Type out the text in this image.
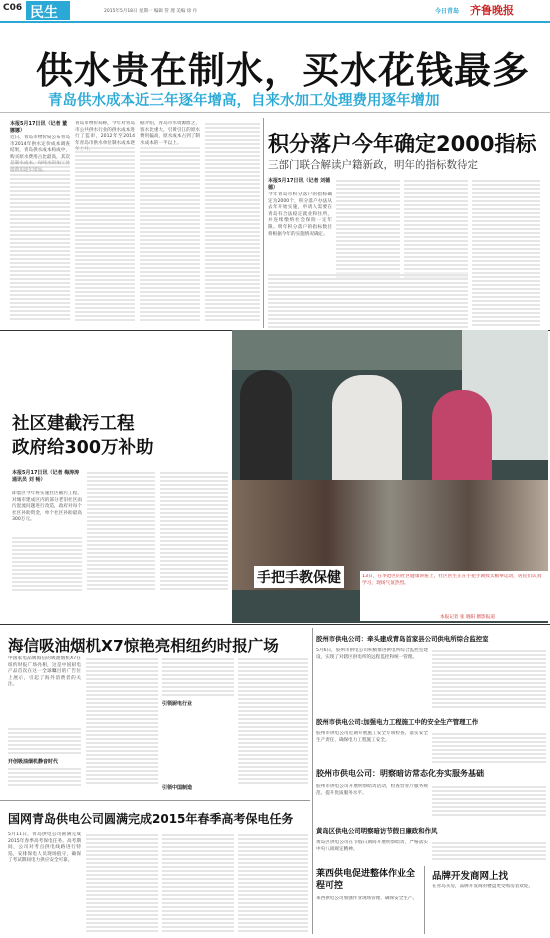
C06 民生	2015年5月18日 星期一 编辑 管 理 美编 徐 丹	今日青岛 齐鲁晚报
供水贵在制水，买水花钱最多
青岛供水成本近三年逐年增高，自来水加工处理费用逐年增加
本报5月17日讯（记者 董 娜娜）
近日，青岛市物价局公布青岛市2014年供水定价成本调查结果，青岛供水成本构成中，购买原水费用占比最高，其次是制水成本，每吨水的加工处理费用逐年增加。
青岛市物价局称，今年对青岛市公共供水行业的供水成本进行了监审，2012年至2014年青岛市供水单位制水成本逐年上升。
据介绍，青岛市水资源匮乏，客水比重大，引黄引江的原水费用偏高，原水成本占到了制水成本的一半以上。	积分落户今年确定2000指标
三部门联合解读户籍新政，明年的指标数待定
本报5月17日讯（记者 刘德德）
今年青岛市积分落户的指标确定为2000个，积分落户办法从去年开始实施，申请人需要在青岛有合法稳定就业和住所，并连续缴纳社会保险一定年限。明年积分落户的指标数目将根据今年的实施情况确定。
社区建截污工程
政府给300万补助
本报5月17日讯（记者 梅涛涛 通讯员 刘 畅）
即墨区今年将实施社区截污工程，对城市建成区内的部分老旧社区雨污混流问题进行改造，政府对每个社区补助资金，单个社区补助最高300万元。
手把手教保健	13日，在李沧区的社区健康讲座上，社区医生正在手把手教授太极拳运动，居民们认真学习，现场气氛热烈。
本报记者 张 晓阳 摄影报道
海信吸油烟机X7惊艳亮相纽约时报广场
中国家电品牌海信的吸油烟机X7在纽约时报广场亮相，这是中国厨电产品首次在这一全球瞩目的广告位上展示，引起了海外消费者的关注。
开创吸油烟机静音时代
引领厨电行业
引领中国制造
国网青岛供电公司圆满完成2015年春季高考保电任务
5月11日，青岛供电公司圆满完成2015年春季高考保电任务。高考期间，公司对考点供电线路进行特巡，安排保电人员现场值守，确保了考试期间电力供应安全可靠。
胶州市供电公司：牵头建成青岛首家县公司供电所综合监控室
5月6日，胶州市供电公司积极推进供电所综合监控室建设，实现了对辖区供电所的远程监控和统一管理。
胶州市供电公司:加强电力工程施工中的安全生产管理工作
胶州市供电公司近期开展施工安全专项检查，落实安全生产责任，确保电力工程施工安全。
胶州市供电公司：明察暗访常态化夯实服务基础
胶州市供电公司开展明察暗访活动，检查营业厅服务规范，提升优质服务水平。
黄岛区供电公司明察暗访节假日廉政和作风
黄岛区供电公司在节假日期间开展明察暗访，严格落实中央八项规定精神。
莱西供电促进整体作业全程可控
莱西供电公司加强作业现场管理，确保安全生产。
品牌开发商网上找
在青岛买房，品牌开发商的楼盘更受购房者欢迎。
